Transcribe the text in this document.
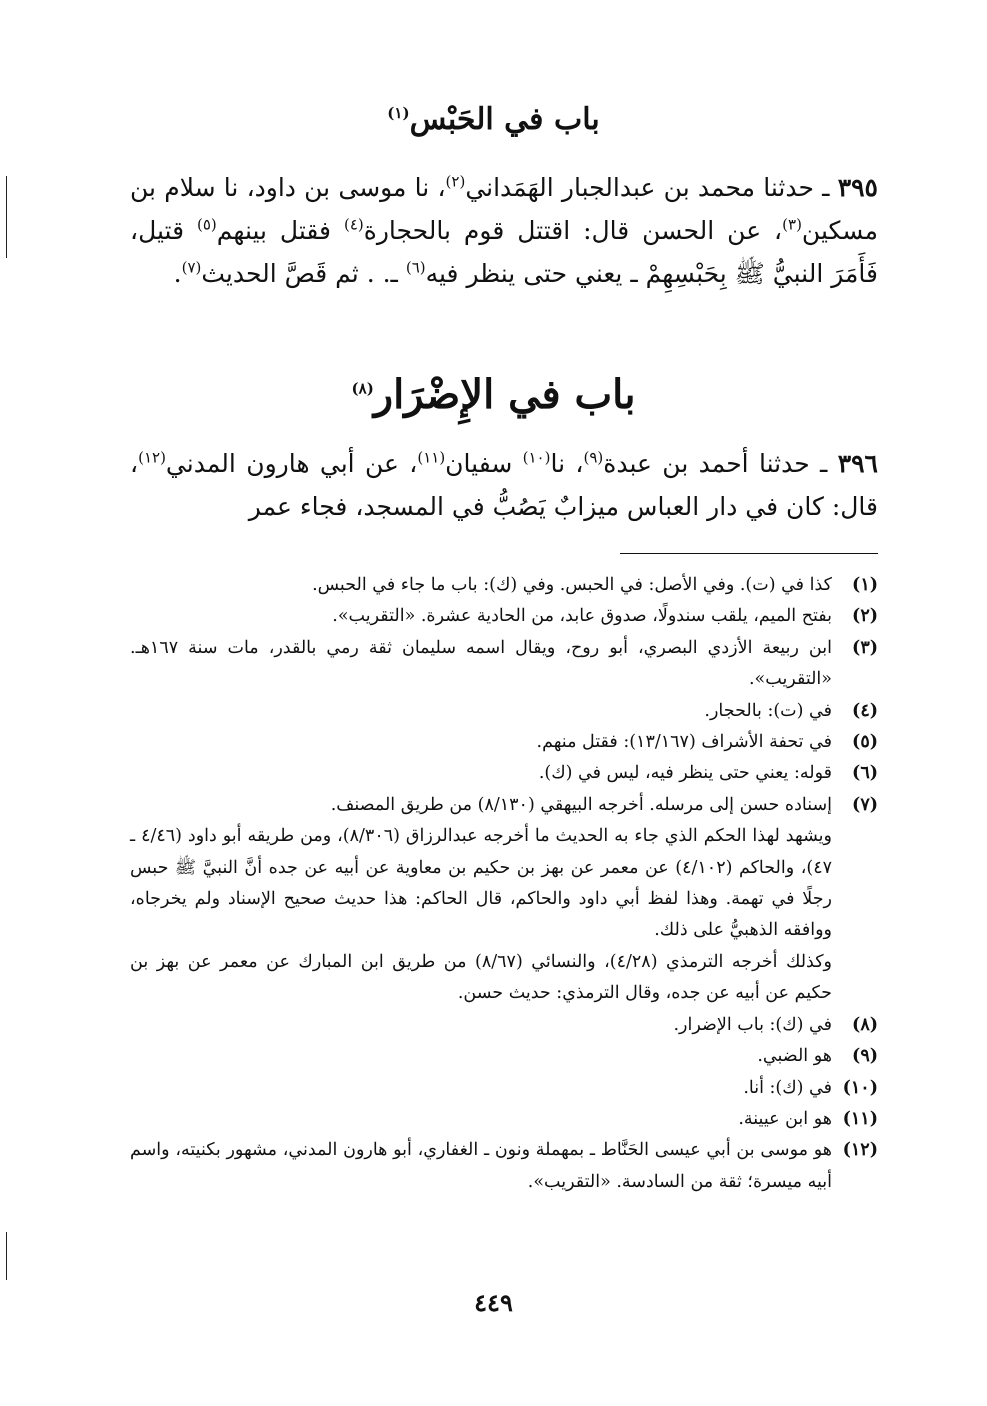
باب في الحَبْس$^{(١)}$
٣٩٥ ـ حدثنا محمد بن عبدالجبار الهَمَداني$^{(٢)}$، نا موسى بن داود، نا سلام بن مسكين$^{(٣)}$، عن الحسن قال: اقتتل قوم بالحجارة$^{(٤)}$ فقتل بينهم$^{(٥)}$ قتيل، فَأَمَرَ النبيُّ ﷺ بِحَبْسِهِمْ ـ يعني حتى ينظر فيه$^{(٦)}$ ـ. . ثم قَصَّ الحديث$^{(٧)}$.
باب في الإِضْرَار$^{(٨)}$
٣٩٦ ـ حدثنا أحمد بن عبدة$^{(٩)}$، نا$^{(١٠)}$ سفيان$^{(١١)}$، عن أبي هارون المدني$^{(١٢)}$، قال: كان في دار العباس ميزابٌ يَصُبُّ في المسجد، فجاء عمر
(١)

كذا في (ت). وفي الأصل: في الحبس. وفي (ك): باب ما جاء في الحبس.

(٢)

بفتح الميم، يلقب سندولًا، صدوق عابد، من الحادية عشرة. «التقريب».

(٣)

ابن ربيعة الأزدي البصري، أبو روح، ويقال اسمه سليمان ثقة رمي بالقدر، مات سنة ١٦٧هـ. «التقريب».

(٤)

في (ت): بالحجار.

(٥)

في تحفة الأشراف (١٣/١٦٧): فقتل منهم.

(٦)

قوله: يعني حتى ينظر فيه، ليس في (ك).

(٧)

إسناده حسن إلى مرسله. أخرجه البيهقي (٨/١٣٠) من طريق المصنف.

ويشهد لهذا الحكم الذي جاء به الحديث ما أخرجه عبدالرزاق (٨/٣٠٦)، ومن طريقه أبو داود (٤/٤٦ ـ ٤٧)، والحاكم (٤/١٠٢) عن معمر عن بهز بن حكيم بن معاوية عن أبيه عن جده أنَّ النبيَّ ﷺ حبس رجلًا في تهمة. وهذا لفظ أبي داود والحاكم، قال الحاكم: هذا حديث صحيح الإسناد ولم يخرجاه، ووافقه الذهبيُّ على ذلك.

وكذلك أخرجه الترمذي (٤/٢٨)، والنسائي (٨/٦٧) من طريق ابن المبارك عن معمر عن بهز بن حكيم عن أبيه عن جده، وقال الترمذي: حديث حسن.

(٨)

في (ك): باب الإضرار.

(٩)

هو الضبي.

(١٠)

في (ك): أنا.

(١١)

هو ابن عيينة.

(١٢)

هو موسى بن أبي عيسى الحَنَّاط ـ بمهملة ونون ـ الغفاري، أبو هارون المدني، مشهور بكنيته، واسم أبيه ميسرة؛ ثقة من السادسة. «التقريب».

٤٤٩
